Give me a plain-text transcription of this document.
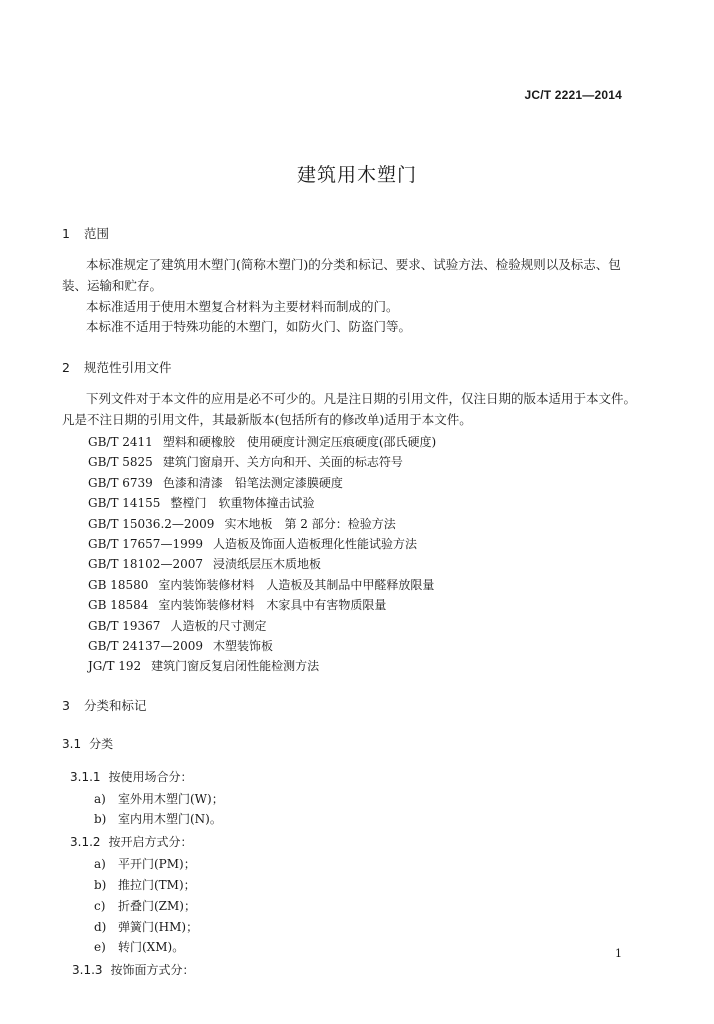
JC/T 2221—2014
建筑用木塑门
1 范围
本标准规定了建筑用木塑门(简称木塑门)的分类和标记、要求、试验方法、检验规则以及标志、包
装、运输和贮存。
本标准适用于使用木塑复合材料为主要材料而制成的门。
本标准不适用于特殊功能的木塑门，如防火门、防盗门等。
2 规范性引用文件
下列文件对于本文件的应用是必不可少的。凡是注日期的引用文件，仅注日期的版本适用于本文件。
凡是不注日期的引用文件，其最新版本(包括所有的修改单)适用于本文件。
GB/T 2411 塑料和硬橡胶　使用硬度计测定压痕硬度(邵氏硬度)
GB/T 5825 建筑门窗扇开、关方向和开、关面的标志符号
GB/T 6739 色漆和清漆　铅笔法测定漆膜硬度
GB/T 14155 整樘门　软重物体撞击试验
GB/T 15036.2—2009 实木地板　第 2 部分：检验方法
GB/T 17657—1999 人造板及饰面人造板理化性能试验方法
GB/T 18102—2007 浸渍纸层压木质地板
GB 18580 室内装饰装修材料　人造板及其制品中甲醛释放限量
GB 18584 室内装饰装修材料　木家具中有害物质限量
GB/T 19367 人造板的尺寸测定
GB/T 24137—2009 木塑装饰板
JG/T 192 建筑门窗反复启闭性能检测方法
3 分类和标记
3.1 分类
3.1.1 按使用场合分：
a) 室外用木塑门(W)；
b) 室内用木塑门(N)。
3.1.2 按开启方式分：
a) 平开门(PM)；
b) 推拉门(TM)；
c) 折叠门(ZM)；
d) 弹簧门(HM)；
e) 转门(XM)。
3.1.3 按饰面方式分：
1
